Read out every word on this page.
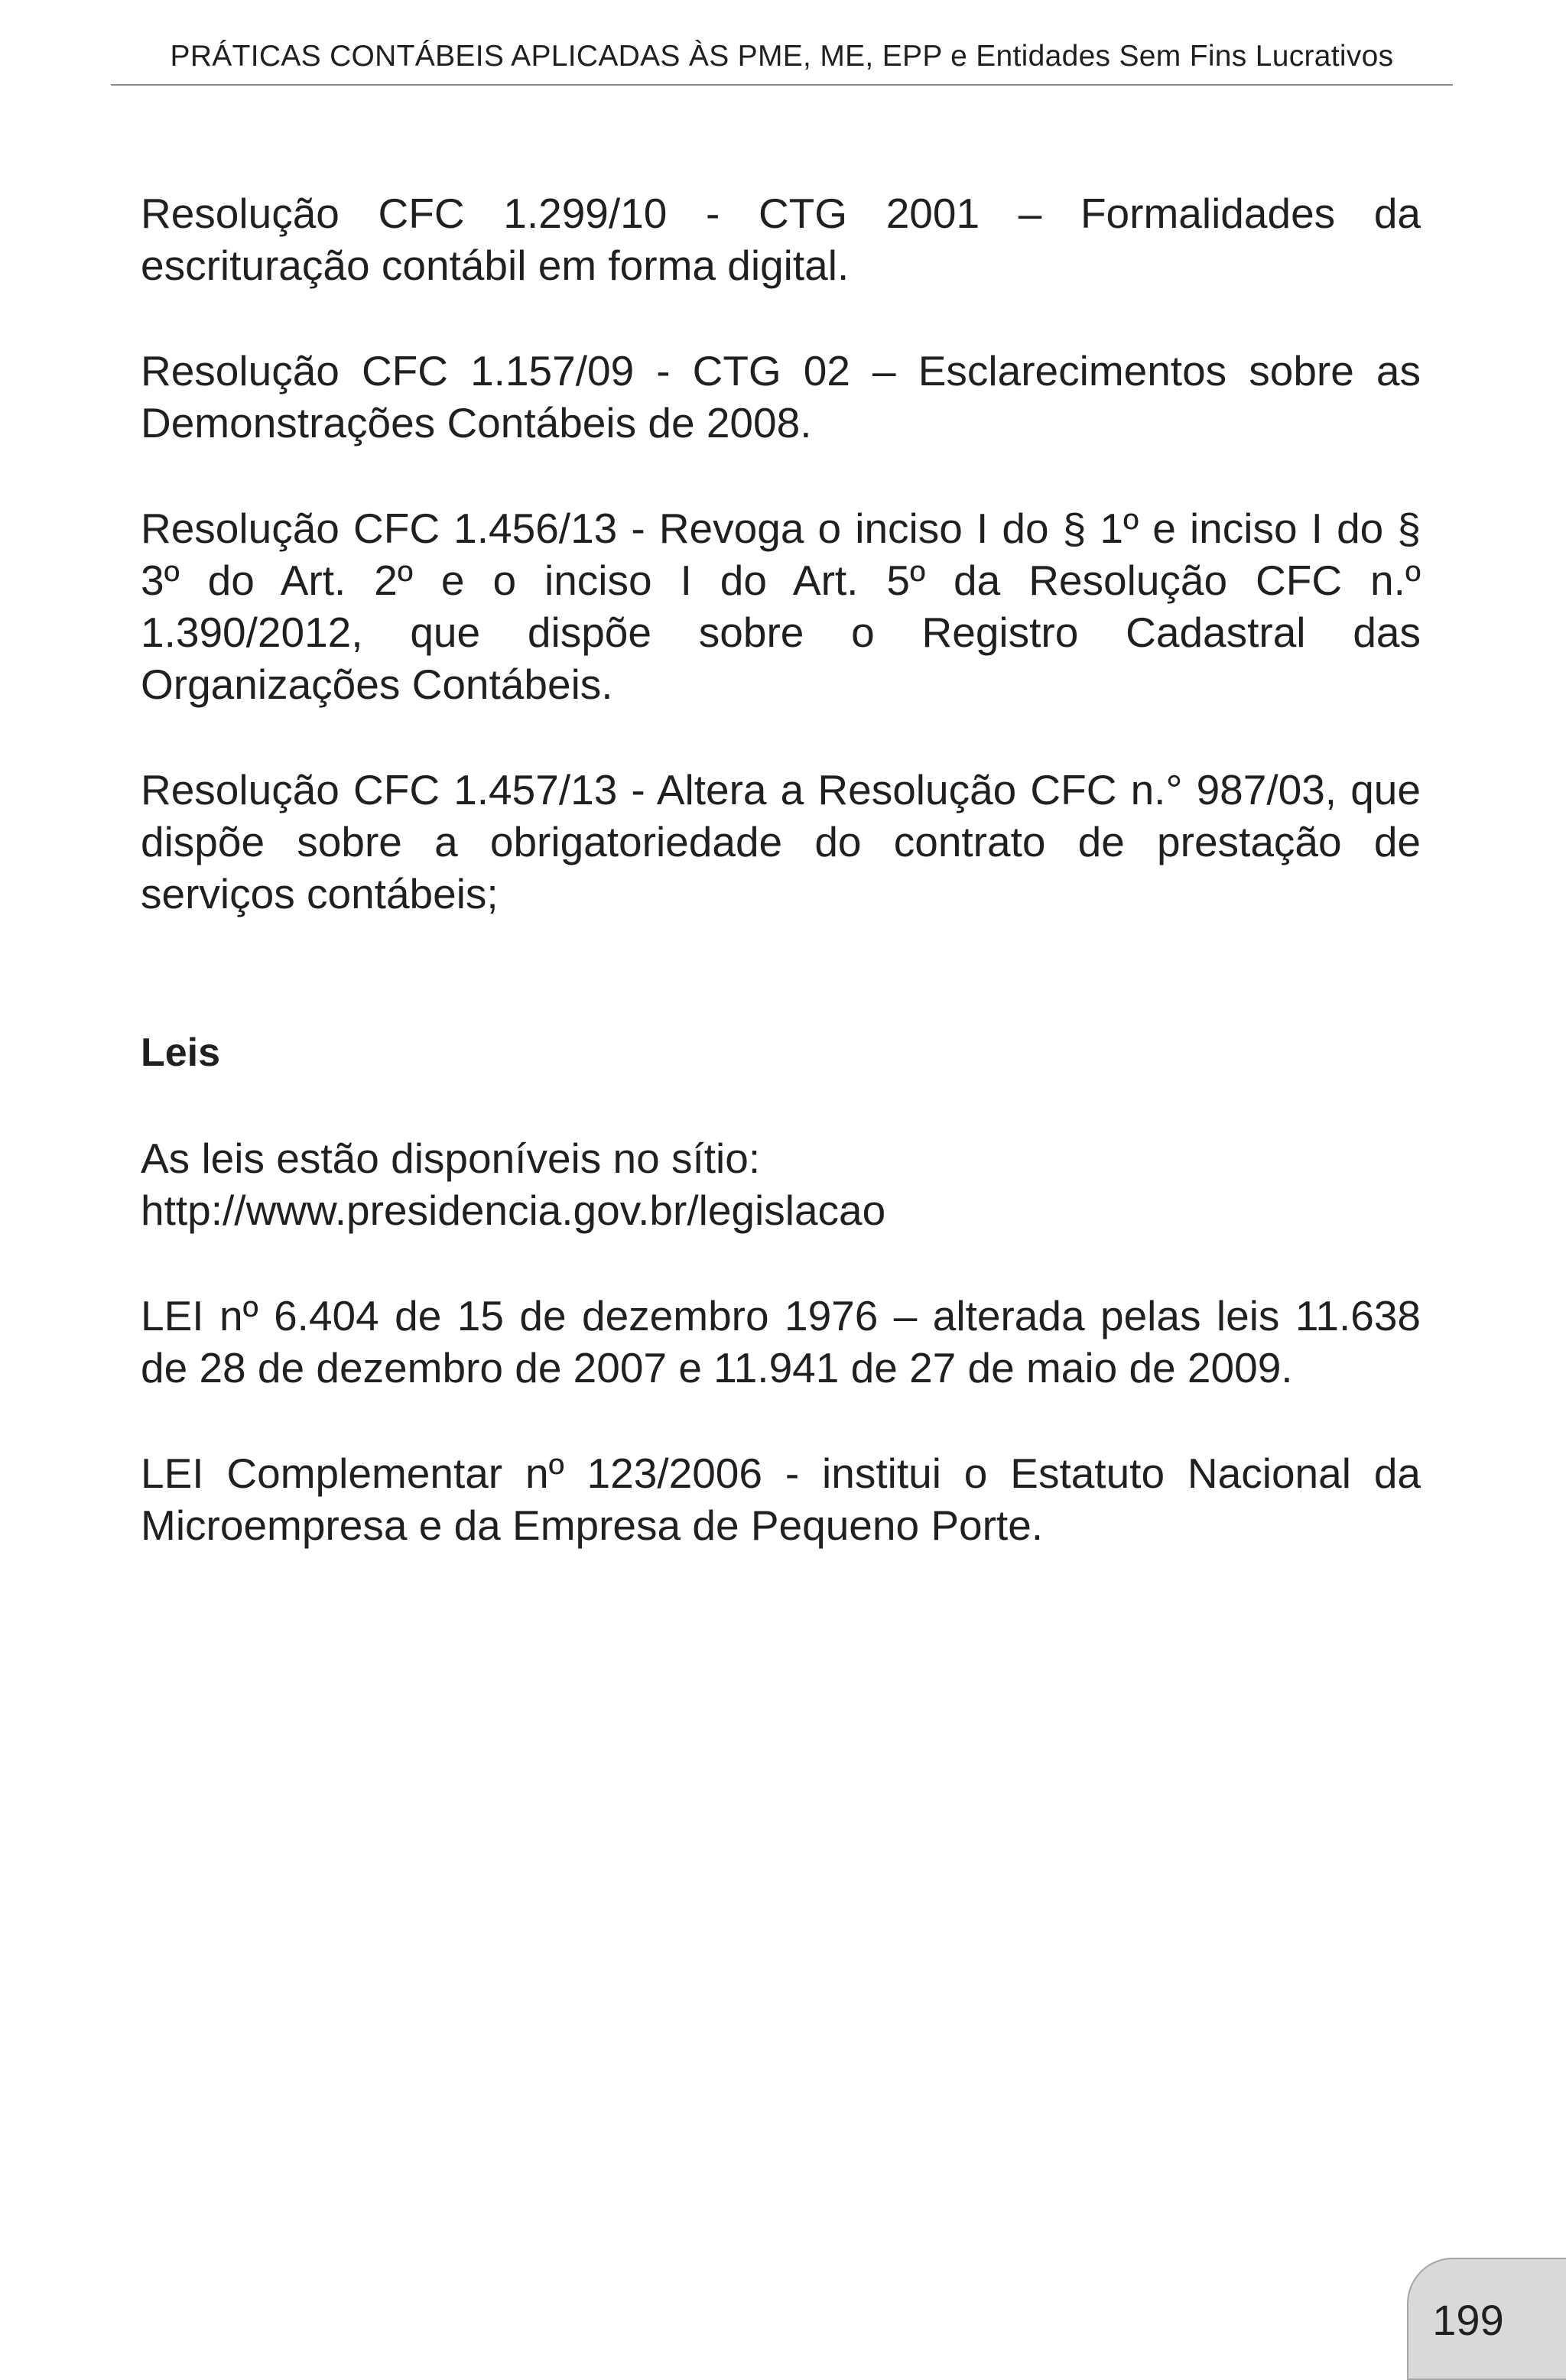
PRÁTICAS CONTÁBEIS APLICADAS ÀS PME, ME, EPP e Entidades Sem Fins Lucrativos

Resolução CFC 1.299/10 - CTG 2001 – Formalidades da escrituração contábil em forma digital.

Resolução CFC 1.157/09 - CTG 02 – Esclarecimentos sobre as Demonstrações Contábeis de 2008.

Resolução CFC 1.456/13 - Revoga o inciso I do § 1º e inciso I do § 3º do Art. 2º e o inciso I do Art. 5º da Resolução CFC n.º 1.390/2012, que dispõe sobre o Registro Cadastral das Organizações Contábeis.

Resolução CFC 1.457/13 - Altera a Resolução CFC n.° 987/03, que dispõe sobre a obrigatoriedade do contrato de prestação de serviços contábeis;

Leis

As leis estão disponíveis no sítio: http://www.presidencia.gov.br/legislacao

LEI nº 6.404 de 15 de dezembro 1976 – alterada pelas leis 11.638 de 28 de dezembro de 2007 e 11.941 de 27 de maio de 2009.

LEI Complementar nº 123/2006 - institui o Estatuto Nacional da Microempresa e da Empresa de Pequeno Porte.

199
